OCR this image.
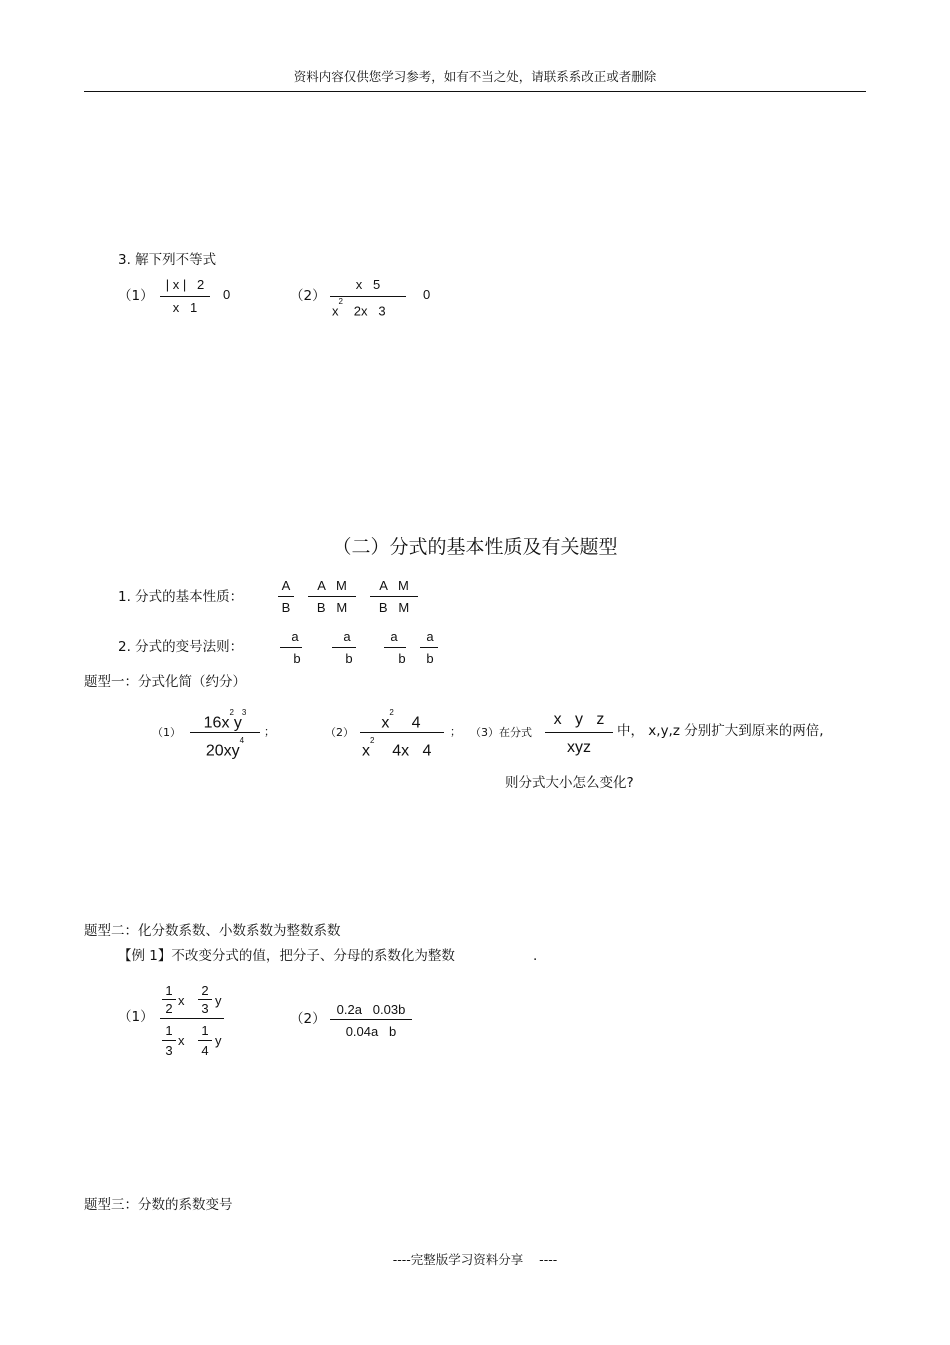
资料内容仅供您学习参考，如有不当之处，请联系系改正或者删除
3. 解下列不等式
（1）
| x |   2
x   1
0	（2）
x   5
$x^2$   2x   3
0
（二）分式的基本性质及有关题型
1. 分式的基本性质：
A
B
A   M
B   M
A   M
B   M
2. 分式的变号法则：
a
b
a
b
a
b
a
b
题型一：分式化简（约分）
（1）
$16x^2y^3$
$20xy^4$
；	（2）
$x^2$    4
$x^2$    4x   4
； （3）在分式
x   y   z
xyz
中， x,y,z 分别扩大到原来的两倍,
则分式大小怎么变化?
题型二：化分数系数、小数系数为整数系数
【例 1】不改变分式的值，把分子、分母的系数化为整数	.
（1）
1
2
x
2
3
y
1
3
x
1
4
y
（2）
0.2a   0.03b
0.04a   b
题型三：分数的系数变号
----完整版学习资料分享    ----
